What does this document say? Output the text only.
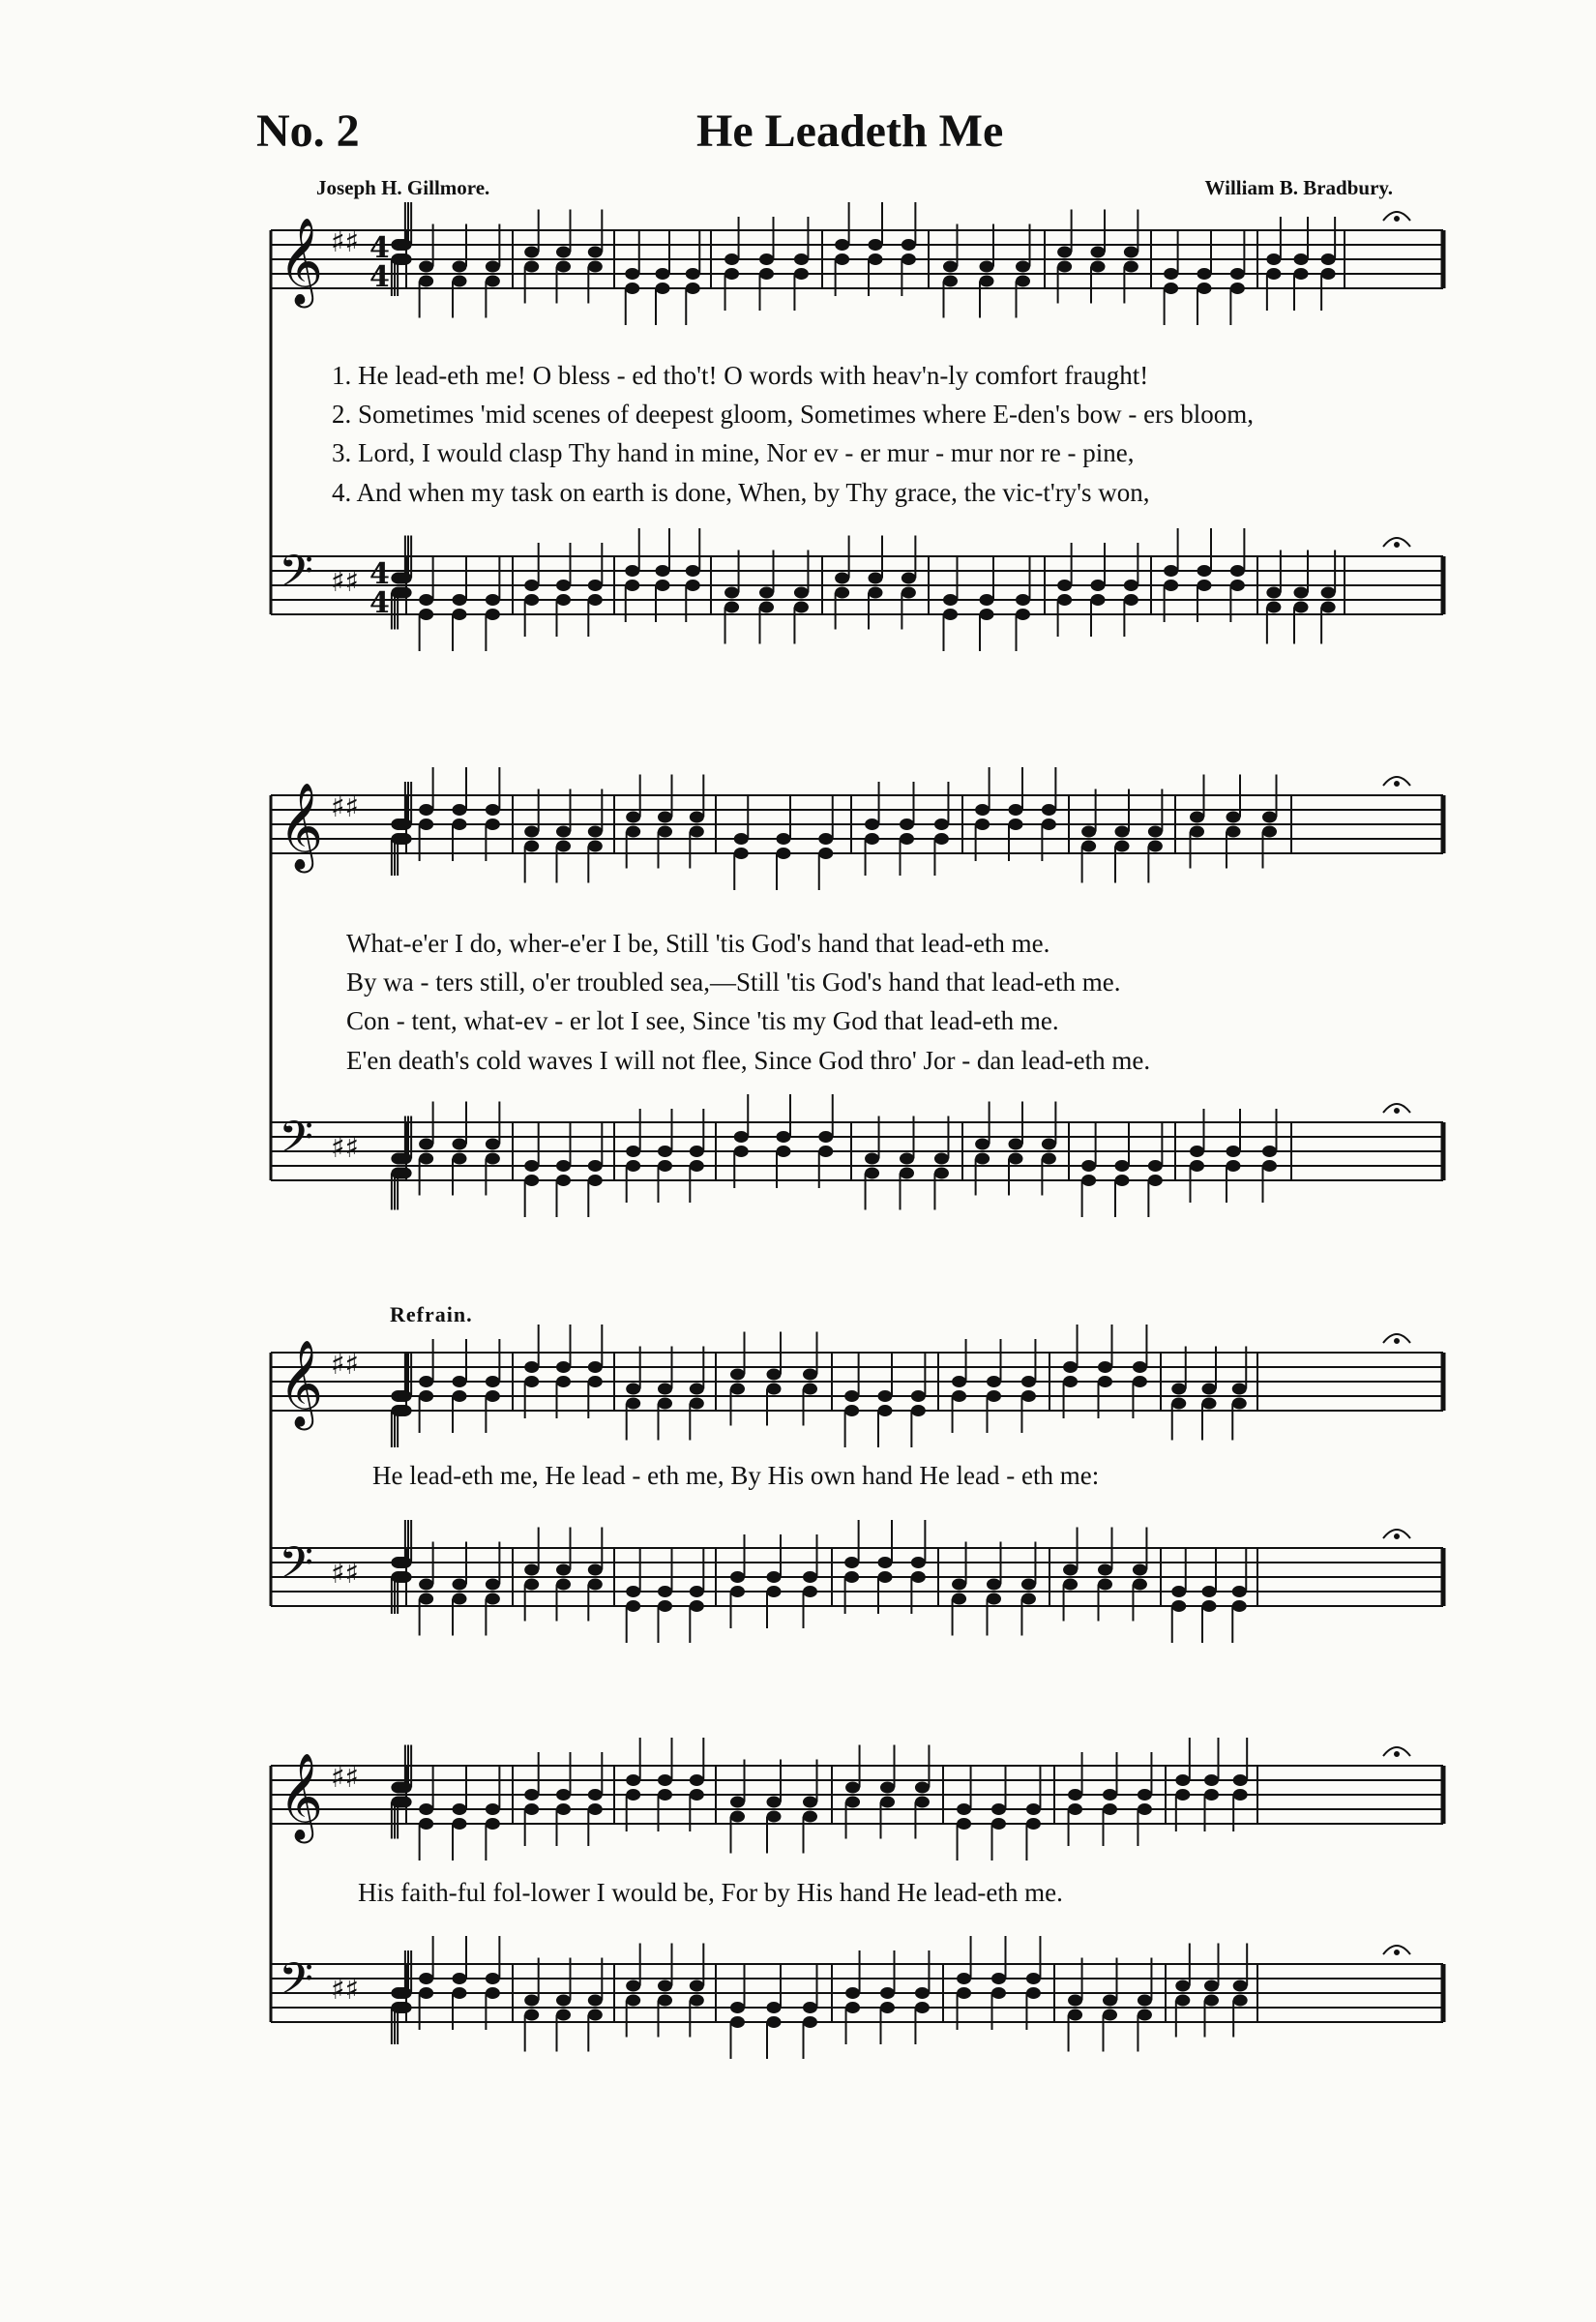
No. 2	He Leadeth Me
Joseph H. Gillmore.	William B. Bradbury.
𝄞 ♯♯ 4
4
𝄢 ♯♯ 4
4
𝄞 ♯♯
𝄢 ♯♯
𝄞 ♯♯
𝄢 ♯♯
𝄞 ♯♯
𝄢 ♯♯
1. He lead-eth me! O bless - ed tho't! O words with heav'n-ly comfort fraught!
2. Sometimes 'mid scenes of deepest gloom, Sometimes where E-den's bow - ers bloom,
3. Lord, I would clasp Thy hand in mine, Nor ev - er mur - mur nor re - pine,
4. And when my task on earth is done, When, by Thy grace, the vic-t'ry's won,
What-e'er I do, wher-e'er I be, Still 'tis God's hand that lead-eth me.
By wa - ters still, o'er troubled sea,—Still 'tis God's hand that lead-eth me.
Con - tent, what-ev - er lot I see, Since 'tis my God that lead-eth me.
E'en death's cold waves I will not flee, Since God thro' Jor - dan lead-eth me.
Refrain.
He lead-eth me, He lead - eth me, By His own hand He lead - eth me:
His faith-ful fol-lower I would be, For by His hand He lead-eth me.
